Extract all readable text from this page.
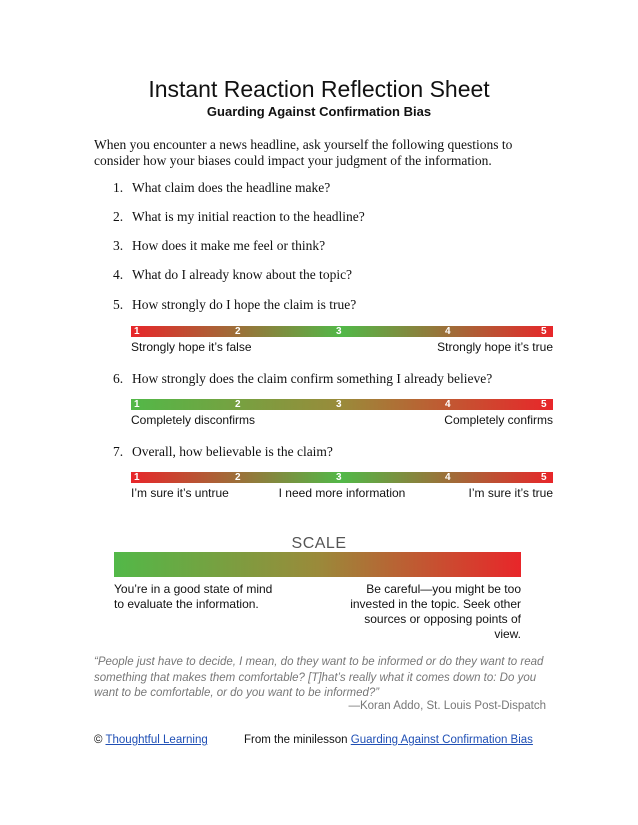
Instant Reaction Reflection Sheet
Guarding Against Confirmation Bias
When you encounter a news headline, ask yourself the following questions to consider how your biases could impact your judgment of the information.
1. What claim does the headline make?
2. What is my initial reaction to the headline?
3. How does it make me feel or think?
4. What do I already know about the topic?
5. How strongly do I hope the claim is true?
1	2	3	4	5
Strongly hope it’s false	Strongly hope it’s true
6. How strongly does the claim confirm something I already believe?
1	2	3	4	5
Completely disconfirms	Completely confirms
7. Overall, how believable is the claim?
1	2	3	4	5
I’m sure it’s untrue	I need more information	I’m sure it’s true
SCALE
You’re in a good state of mind to evaluate the information.
Be careful—you might be too invested in the topic. Seek other sources or opposing points of view.
“People just have to decide, I mean, do they want to be informed or do they want to read something that makes them comfortable? [T]hat’s really what it comes down to: Do you want to be comfortable, or do you want to be informed?”
—Koran Addo, St. Louis Post-Dispatch
© Thoughtful Learning	From the minilesson Guarding Against Confirmation Bias
